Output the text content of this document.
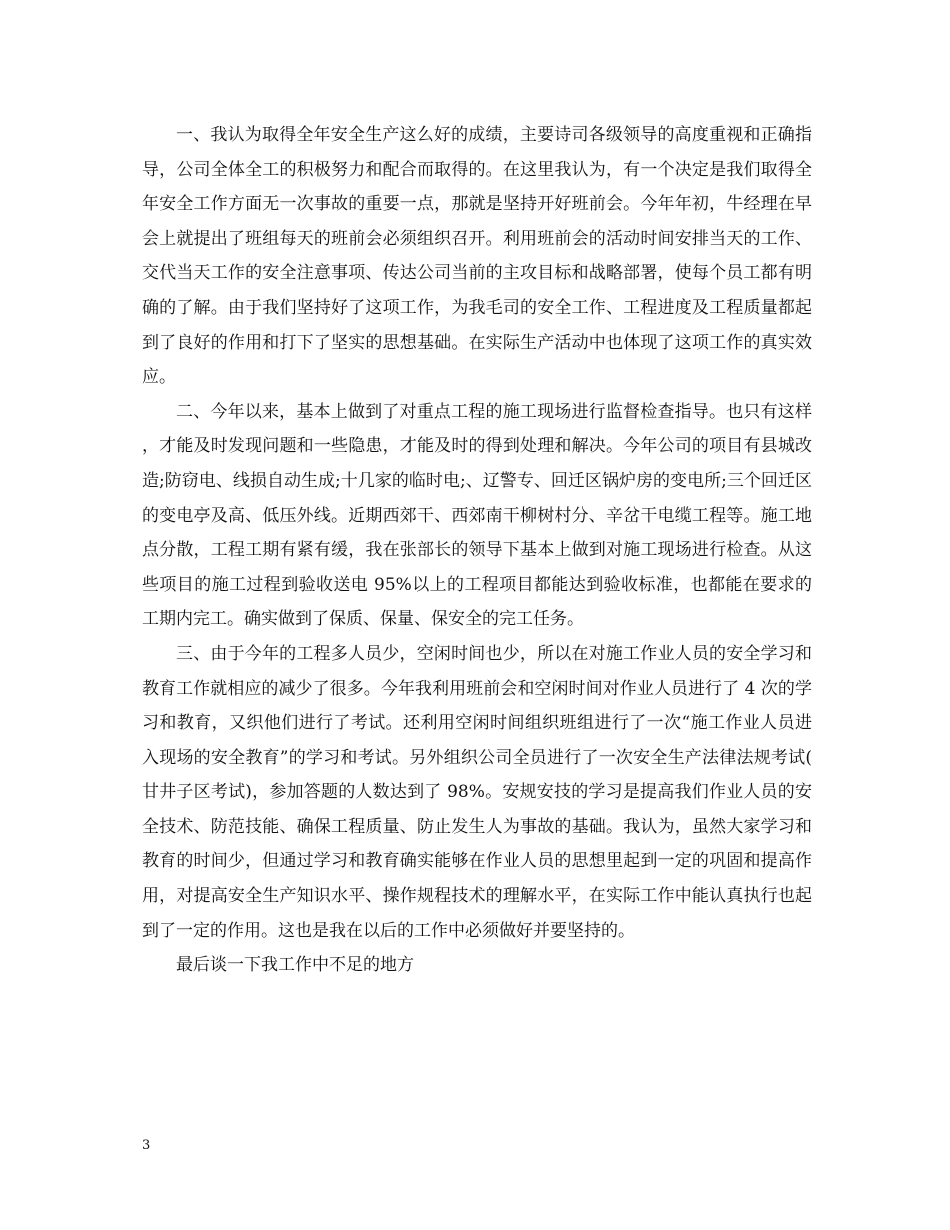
一、我认为取得全年安全生产这么好的成绩，主要诗司各级领导的高度重视和正确指导，公司全体全工的积极努力和配合而取得的。在这里我认为，有一个决定是我们取得全年安全工作方面无一次事故的重要一点，那就是坚持开好班前会。今年年初，牛经理在早会上就提出了班组每天的班前会必须组织召开。利用班前会的活动时间安排当天的工作、交代当天工作的安全注意事项、传达公司当前的主攻目标和战略部署，使每个员工都有明确的了解。由于我们坚持好了这项工作，为我毛司的安全工作、工程进度及工程质量都起到了良好的作用和打下了坚实的思想基础。在实际生产活动中也体现了这项工作的真实效应。

二、今年以来，基本上做到了对重点工程的施工现场进行监督检查指导。也只有这样，才能及时发现问题和一些隐患，才能及时的得到处理和解决。今年公司的项目有县城改造;防窃电、线损自动生成;十几家的临时电;、辽警专、回迁区锅炉房的变电所;三个回迁区的变电亭及高、低压外线。近期西郊干、西郊南干柳树村分、辛岔干电缆工程等。施工地点分散，工程工期有紧有缓，我在张部长的领导下基本上做到对施工现场进行检查。从这些项目的施工过程到验收送电 95%以上的工程项目都能达到验收标准，也都能在要求的工期内完工。确实做到了保质、保量、保安全的完工任务。

三、由于今年的工程多人员少，空闲时间也少，所以在对施工作业人员的安全学习和教育工作就相应的减少了很多。今年我利用班前会和空闲时间对作业人员进行了 4 次的学习和教育，又织他们进行了考试。还利用空闲时间组织班组进行了一次“施工作业人员进入现场的安全教育”的学习和考试。另外组织公司全员进行了一次安全生产法律法规考试(甘井子区考试)，参加答题的人数达到了 98%。安规安技的学习是提高我们作业人员的安全技术、防范技能、确保工程质量、防止发生人为事故的基础。我认为，虽然大家学习和教育的时间少，但通过学习和教育确实能够在作业人员的思想里起到一定的巩固和提高作用，对提高安全生产知识水平、操作规程技术的理解水平，在实际工作中能认真执行也起到了一定的作用。这也是我在以后的工作中必须做好并要坚持的。

最后谈一下我工作中不足的地方

3
